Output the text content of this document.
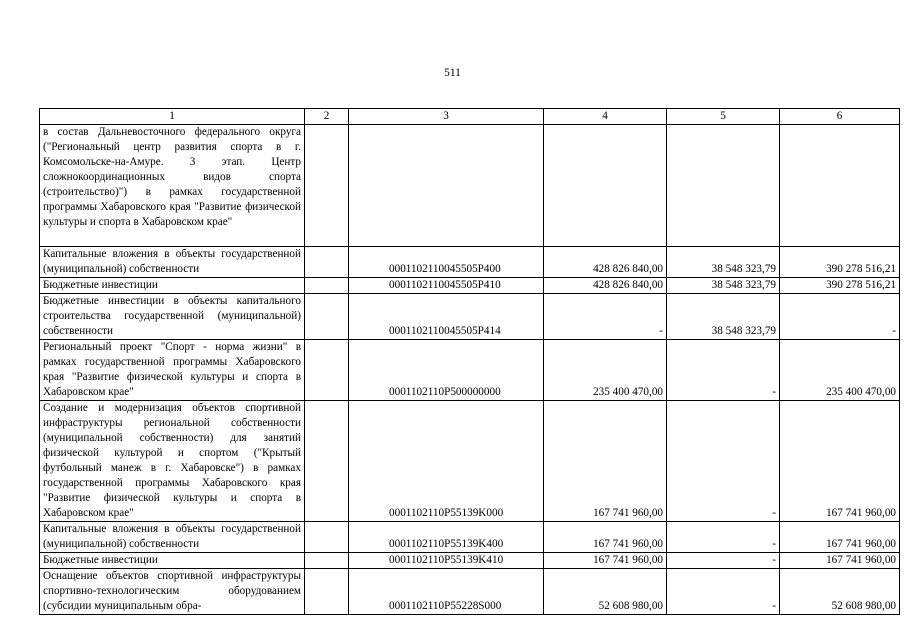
511
1	2	3	4	5	6
в состав Дальневосточного федерального округа ("Региональный центр развития спорта в г. Комсомольске-на-Амуре. 3 этап. Центр сложнокоординационных видов спорта (строительство)") в рамках государственной программы Хабаровского края "Развитие физической культуры и спорта в Хабаровском крае"					
Капитальные вложения в объекты государственной (муниципальной) собственности		0001102110045505P400	428 826 840,00	38 548 323,79	390 278 516,21
Бюджетные инвестиции		0001102110045505P410	428 826 840,00	38 548 323,79	390 278 516,21
Бюджетные инвестиции в объекты капитального строительства государственной (муниципальной) собственности		0001102110045505P414	-	38 548 323,79	-
Региональный проект "Спорт - норма жизни" в рамках государственной программы Хабаровского края "Развитие физической культуры и спорта в Хабаровском крае"		0001102110P500000000	235 400 470,00	-	235 400 470,00
Создание и модернизация объектов спортивной инфраструктуры региональной собственности (муниципальной собственности) для занятий физической культурой и спортом ("Крытый футбольный манеж в г. Хабаровске") в рамках государственной программы Хабаровского края "Развитие физической культуры и спорта в Хабаровском крае"		0001102110P55139K000	167 741 960,00	-	167 741 960,00
Капитальные вложения в объекты государственной (муниципальной) собственности		0001102110P55139K400	167 741 960,00	-	167 741 960,00
Бюджетные инвестиции		0001102110P55139K410	167 741 960,00	-	167 741 960,00
Оснащение объектов спортивной инфраструктуры спортивно-технологическим оборудованием (субсидии муниципальным обра-		0001102110P55228S000	52 608 980,00	-	52 608 980,00
